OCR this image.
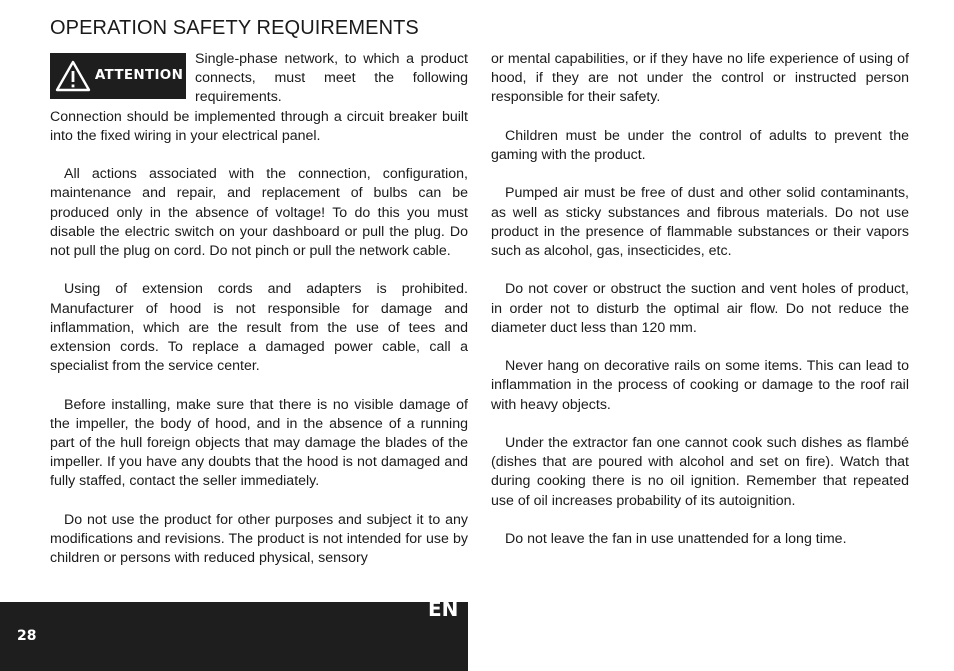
OPERATION SAFETY REQUIREMENTS
ATTENTION

Single-phase network, to which a product connects, must meet the following requirements.

Connection should be implemented through a circuit breaker built into the fixed wiring in your electrical panel.

All actions associated with the connection, configuration, maintenance and repair, and replacement of bulbs can be produced only in the absence of voltage! To do this you must disable the electric switch on your dashboard or pull the plug. Do not pull the plug on cord. Do not pinch or pull the network cable.

Using of extension cords and adapters is prohibited. Manufacturer of hood is not responsible for damage and inflammation, which are the result from the use of tees and extension cords. To replace a damaged power cable, call a specialist from the service center.

Before installing, make sure that there is no visible damage of the impeller, the body of hood, and in the absence of a running part of the hull foreign objects that may damage the blades of the impeller. If you have any doubts that the hood is not damaged and fully staffed, contact the seller immediately.

Do not use the product for other purposes and subject it to any modifications and revisions. The product is not intended for use by children or persons with reduced physical, sensory

or mental capabilities, or if they have no life experience of using of hood, if they are not under the control or instructed person responsible for their safety.

Children must be under the control of adults to prevent the gaming with the product.

Pumped air must be free of dust and other solid contaminants, as well as sticky substances and fibrous materials. Do not use product in the presence of flammable substances or their vapors such as alcohol, gas, insecticides, etc.

Do not cover or obstruct the suction and vent holes of product, in order not to disturb the optimal air flow. Do not reduce the diameter duct less than 120 mm.

Never hang on decorative rails on some items. This can lead to inflammation in the process of cooking or damage to the roof rail with heavy objects.

Under the extractor fan one cannot cook such dishes as flambé (dishes that are poured with alcohol and set on fire). Watch that during cooking there is no oil ignition. Remember that repeated use of oil increases probability of its autoignition.

Do not leave the fan in use unattended for a long time.

EN
28
